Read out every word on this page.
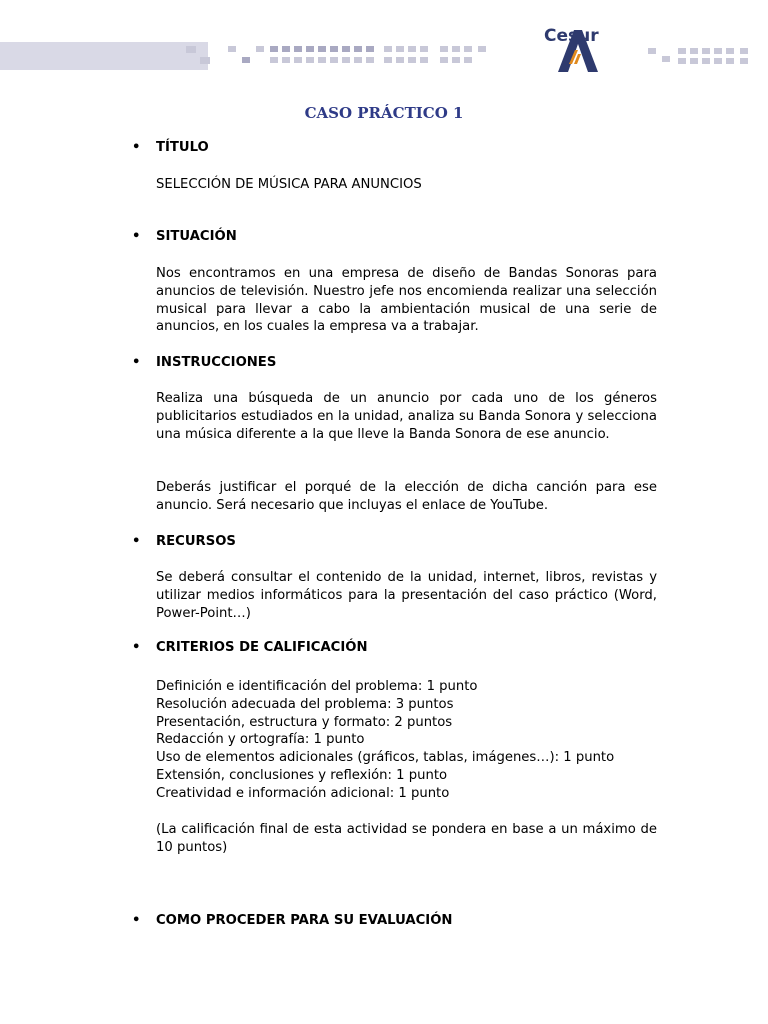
Cesur
CASO PRÁCTICO 1
• TÍTULO
SELECCIÓN DE MÚSICA PARA ANUNCIOS
• SITUACIÓN
Nos encontramos en una empresa de diseño de Bandas Sonoras para anuncios de televisión. Nuestro jefe nos encomienda realizar una selección musical para llevar a cabo la ambientación musical de una serie de anuncios, en los cuales la empresa va a trabajar.
• INSTRUCCIONES
Realiza una búsqueda de un anuncio por cada uno de los géneros publicitarios estudiados en la unidad, analiza su Banda Sonora y selecciona una música diferente a la que lleve la Banda Sonora de ese anuncio.
Deberás justificar el porqué de la elección de dicha canción para ese anuncio. Será necesario que incluyas el enlace de YouTube.
• RECURSOS
Se deberá consultar el contenido de la unidad, internet, libros, revistas y utilizar medios informáticos para la presentación del caso práctico (Word, Power-Point…)
• CRITERIOS DE CALIFICACIÓN
Definición e identificación del problema: 1 punto
Resolución adecuada del problema: 3 puntos
Presentación, estructura y formato: 2 puntos
Redacción y ortografía: 1 punto
Uso de elementos adicionales (gráficos, tablas, imágenes…): 1 punto
Extensión, conclusiones y reflexión: 1 punto
Creatividad e información adicional: 1 punto
(La calificación final de esta actividad se pondera en base a un máximo de 10 puntos)
• COMO PROCEDER PARA SU EVALUACIÓN
